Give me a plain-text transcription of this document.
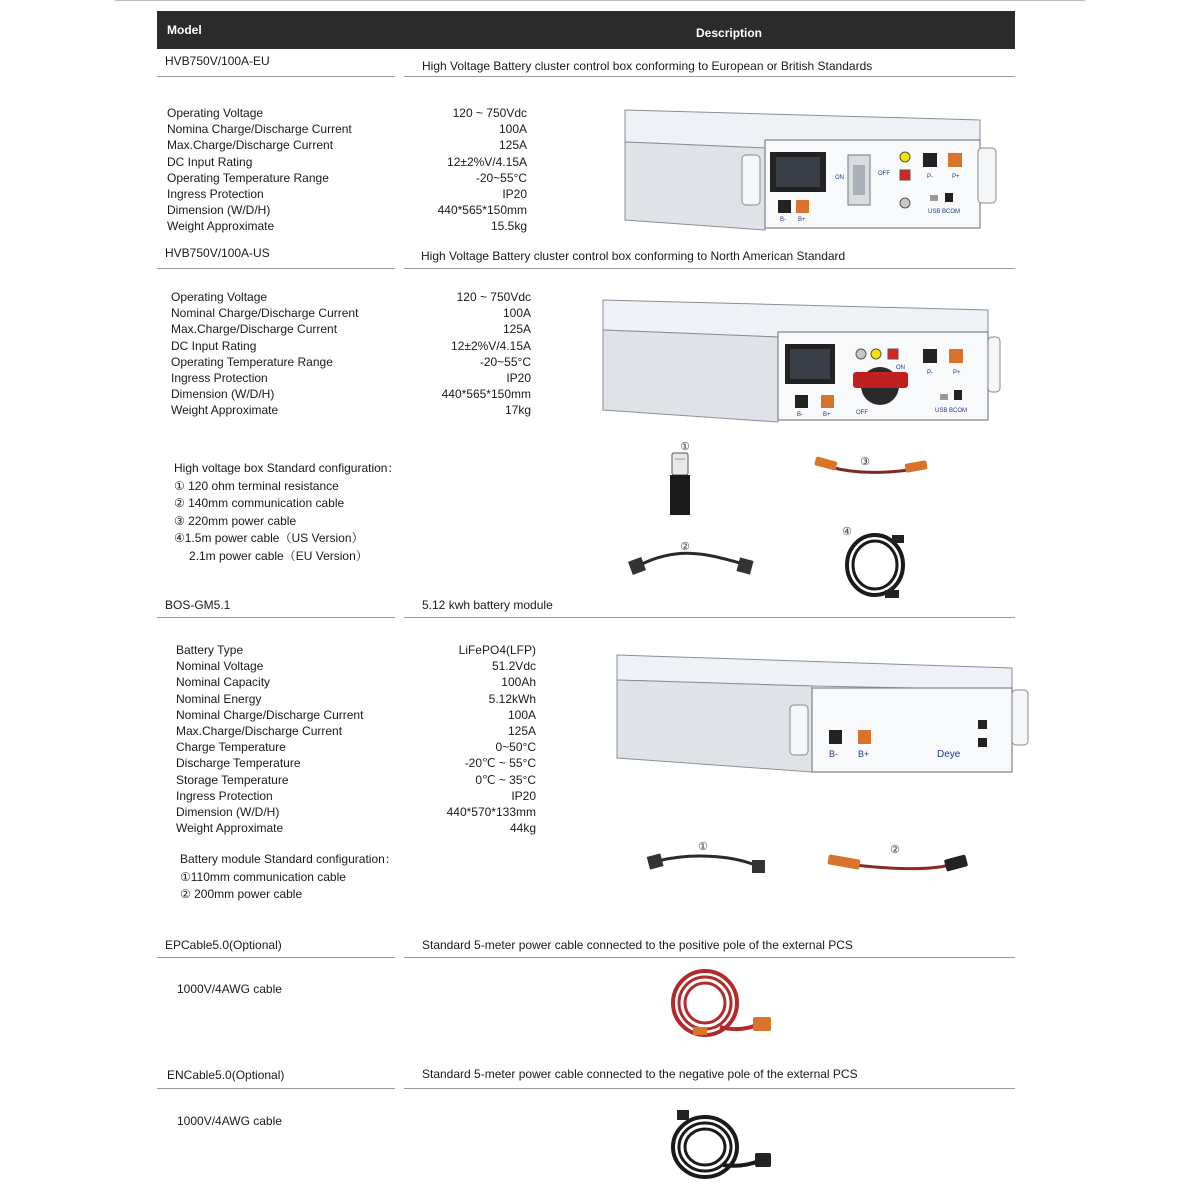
Model	Description
HVB750V/100A-EU	High Voltage Battery cluster control box conforming to European or British Standards
Operating Voltage	120 ~ 750Vdc
Nomina Charge/Discharge Current	100A
Max.Charge/Discharge Current	125A
DC Input Rating	12±2%V/4.15A
Operating Temperature Range	-20~55°C
Ingress Protection	IP20
Dimension (W/D/H)	440*565*150mm
Weight Approximate	15.5kg
ON
OFF	P-	P+
USB BCOM
B- B+
HVB750V/100A-US	High Voltage Battery cluster control box conforming to North American Standard
Operating Voltage	120 ~ 750Vdc
Nominal Charge/Discharge Current	100A
Max.Charge/Discharge Current	125A
DC Input Rating	12±2%V/4.15A
Operating Temperature Range	-20~55°C
Ingress Protection	IP20
Dimension (W/D/H)	440*565*150mm
Weight Approximate	17kg
ON
OFF
P-	P+
USB BCOM
B-	B+
High voltage box Standard configuration：
① 120 ohm terminal resistance
② 140mm communication cable
③ 220mm power cable
④1.5m power cable（US Version）
2.1m power cable（EU Version）
①
②
③
④
BOS-GM5.1	5.12 kwh battery module
Battery Type	LiFePO4(LFP)
Nominal Voltage	51.2Vdc
Nominal Capacity	100Ah
Nominal Energy	5.12kWh
Nominal Charge/Discharge Current	100A
Max.Charge/Discharge Current	125A
Charge Temperature	0~50°C
Discharge Temperature	-20℃ ~ 55°C
Storage Temperature	0℃ ~ 35°C
Ingress Protection	IP20
Dimension (W/D/H)	440*570*133mm
Weight Approximate	44kg
B- B+	Deye
Battery module Standard configuration：
①110mm communication cable
② 200mm power cable
①	②
EPCable5.0(Optional)	Standard 5-meter power cable connected to the positive pole of the external PCS
1000V/4AWG cable
ENCable5.0(Optional)	Standard 5-meter power cable connected to the negative pole of the external PCS
1000V/4AWG cable
